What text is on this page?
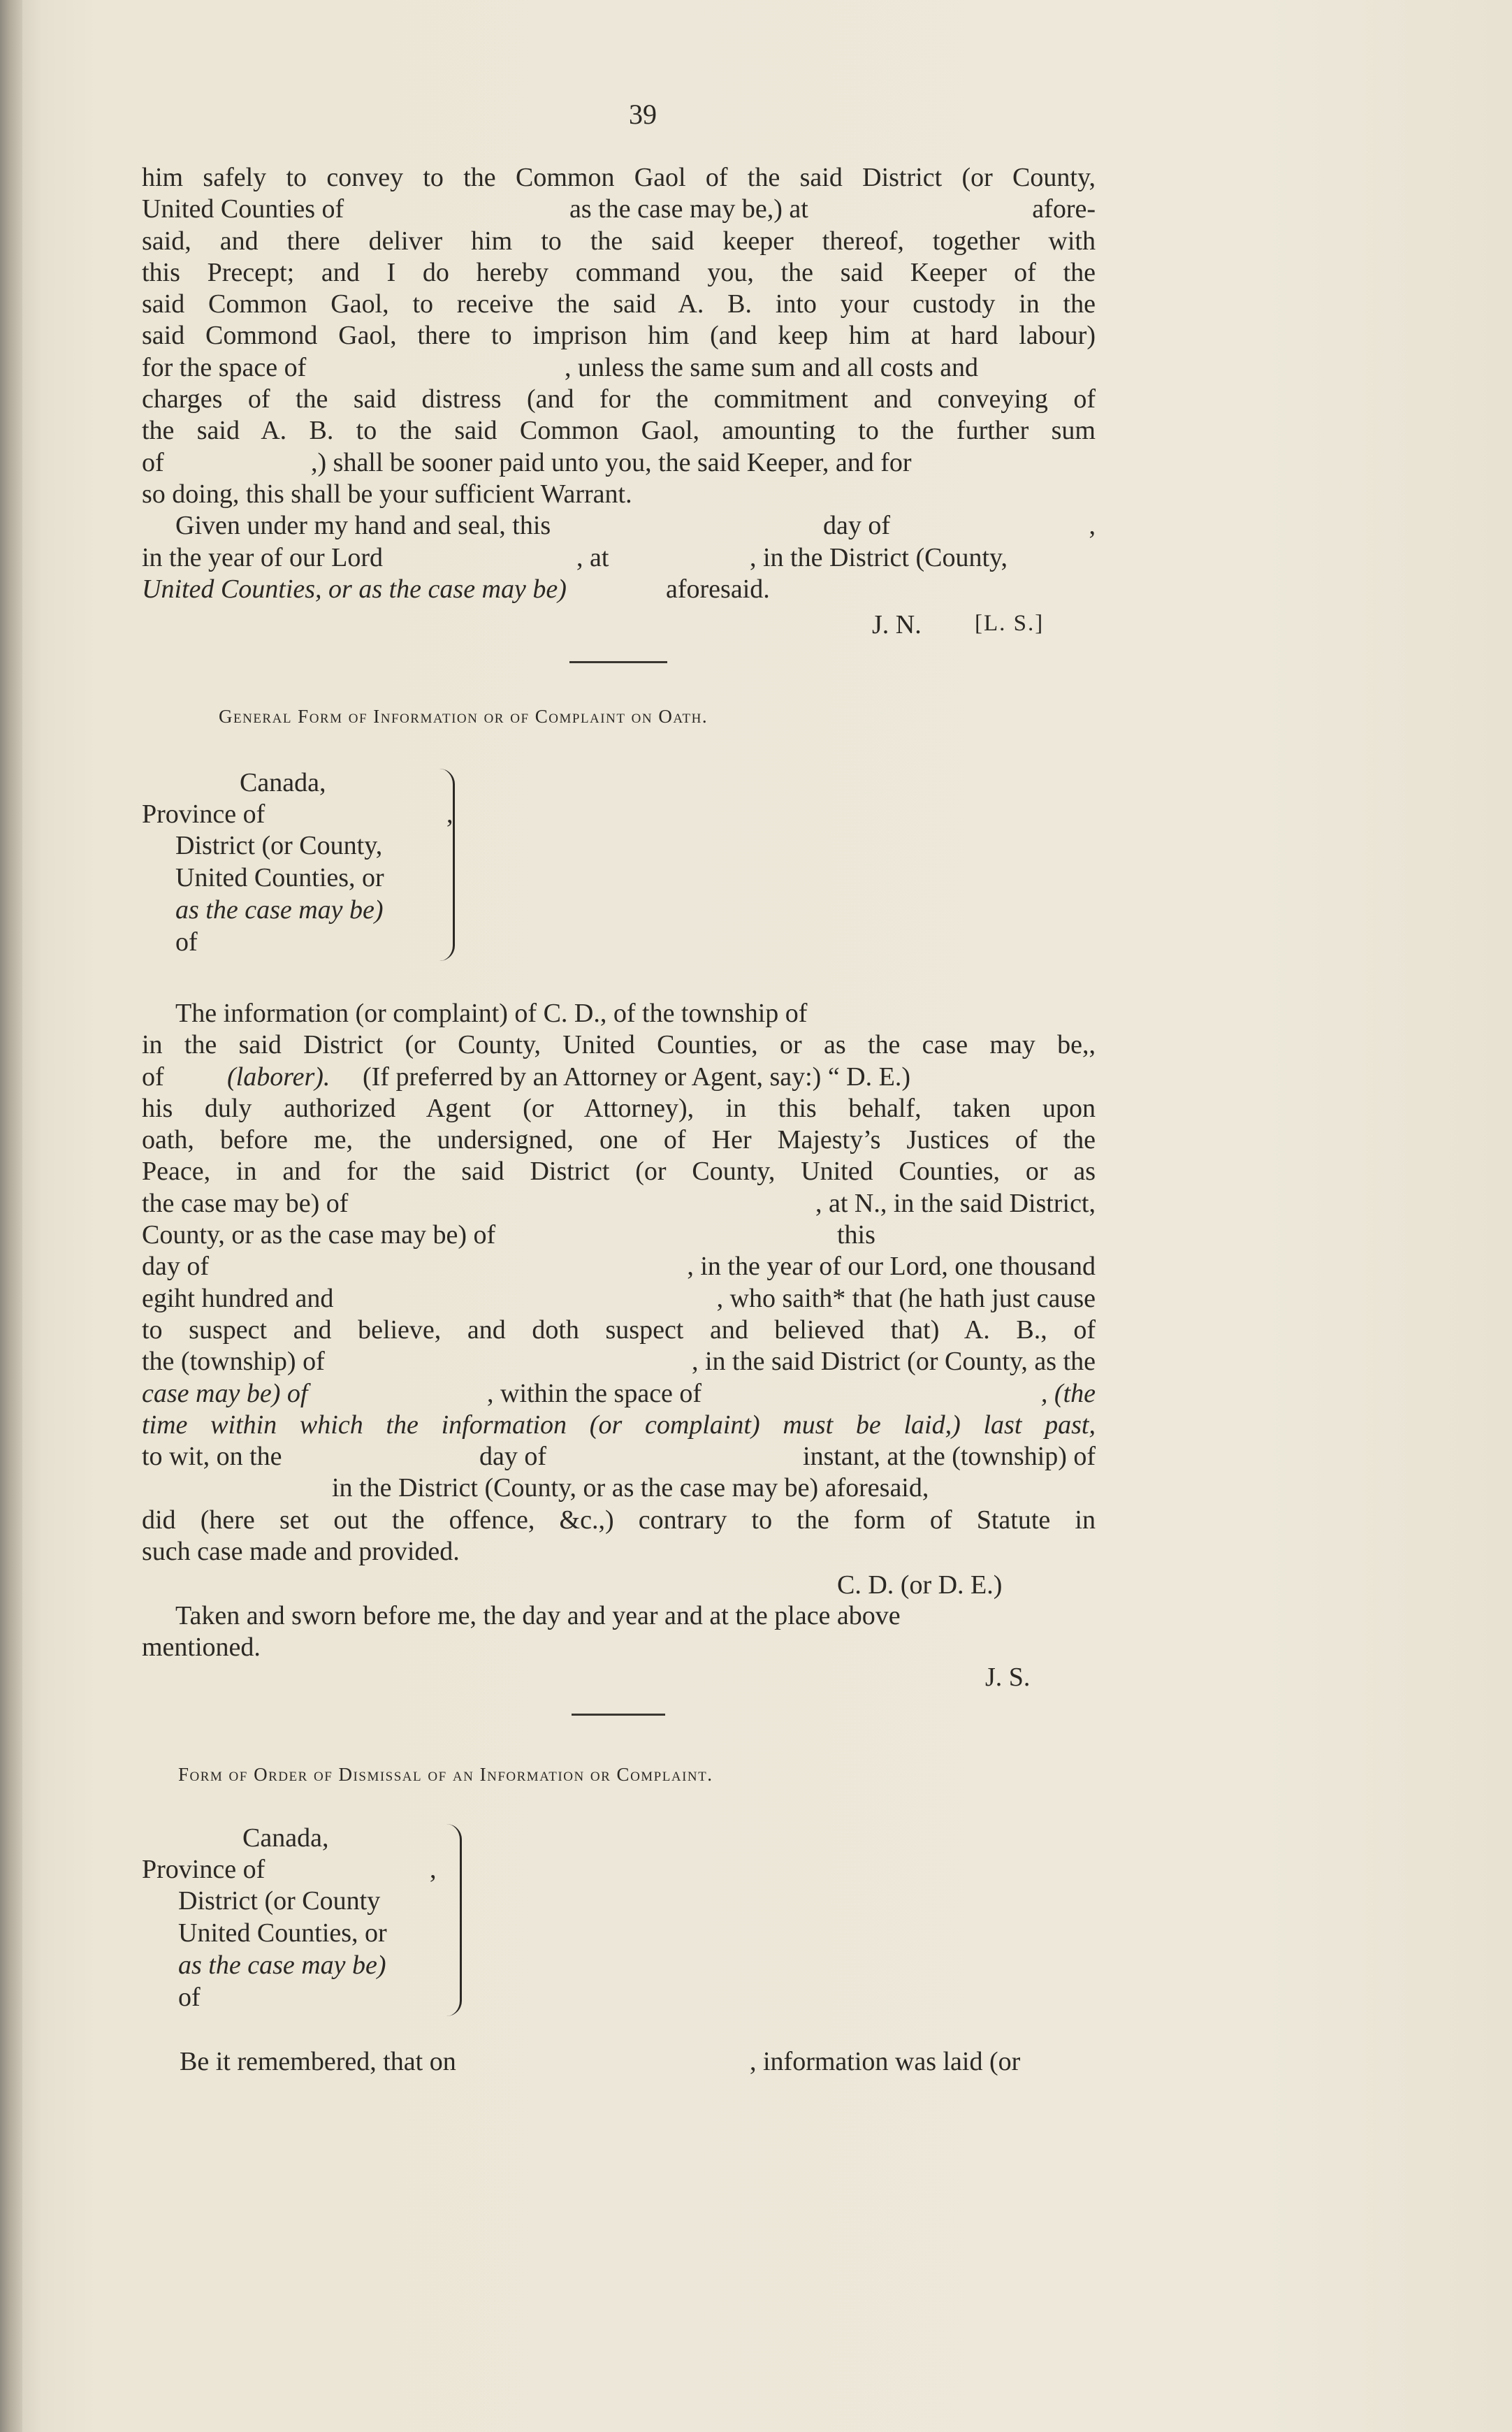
39
him safely to convey to the Common Gaol of the said District (or County,
United Counties of	as the case may be,) at	afore-
said, and there deliver him to the said keeper thereof, together with
this Precept; and I do hereby command you, the said Keeper of the
said Common Gaol, to receive the said A. B. into your custody in the
said Commond Gaol, there to imprison him (and keep him at hard labour)
for the space of	, unless the same sum and all costs and
charges of the said distress (and for the commitment and conveying of
the said A. B. to the said Common Gaol, amounting to the further sum
of	,) shall be sooner paid unto you, the said Keeper, and for
so doing, this shall be your sufficient Warrant.
Given under my hand and seal, this	day of	,
in the year of our Lord	, at	, in the District (County,
United Counties, or as the case may be)	aforesaid.
J. N. [L. S.]
General Form of Information or of Complaint on Oath.
Canada,
Province of	,
District (or County,
United Counties, or
as the case may be)
of
The information (or complaint) of C. D., of the township of
in the said District (or County, United Counties, or as the case may be,,
of (laborer). (If preferred by an Attorney or Agent, say:) “ D. E.)
his duly authorized Agent (or Attorney), in this behalf, taken upon
oath, before me, the undersigned, one of Her Majesty’s Justices of the
Peace, in and for the said District (or County, United Counties, or as
the case may be) of	, at N., in the said District,
County, or as the case may be) of	this
day of	, in the year of our Lord, one thousand
egiht hundred and	, who saith* that (he hath just cause
to suspect and believe, and doth suspect and believed that) A. B., of
the (township) of	, in the said District (or County, as the
case may be) of	, within the space of	, (the
time within which the information (or complaint) must be laid,) last past,
to wit, on the	day of	instant, at the (township) of
in the District (County, or as the case may be) aforesaid,
did (here set out the offence, &c.,) contrary to the form of Statute in
such case made and provided.
C. D. (or D. E.)
Taken and sworn before me, the day and year and at the place above
mentioned.
J. S.
Form of Order of Dismissal of an Information or Complaint.
Canada,
Province of	,
District (or County
United Counties, or
as the case may be)
of
Be it remembered, that on	, information was laid (or
